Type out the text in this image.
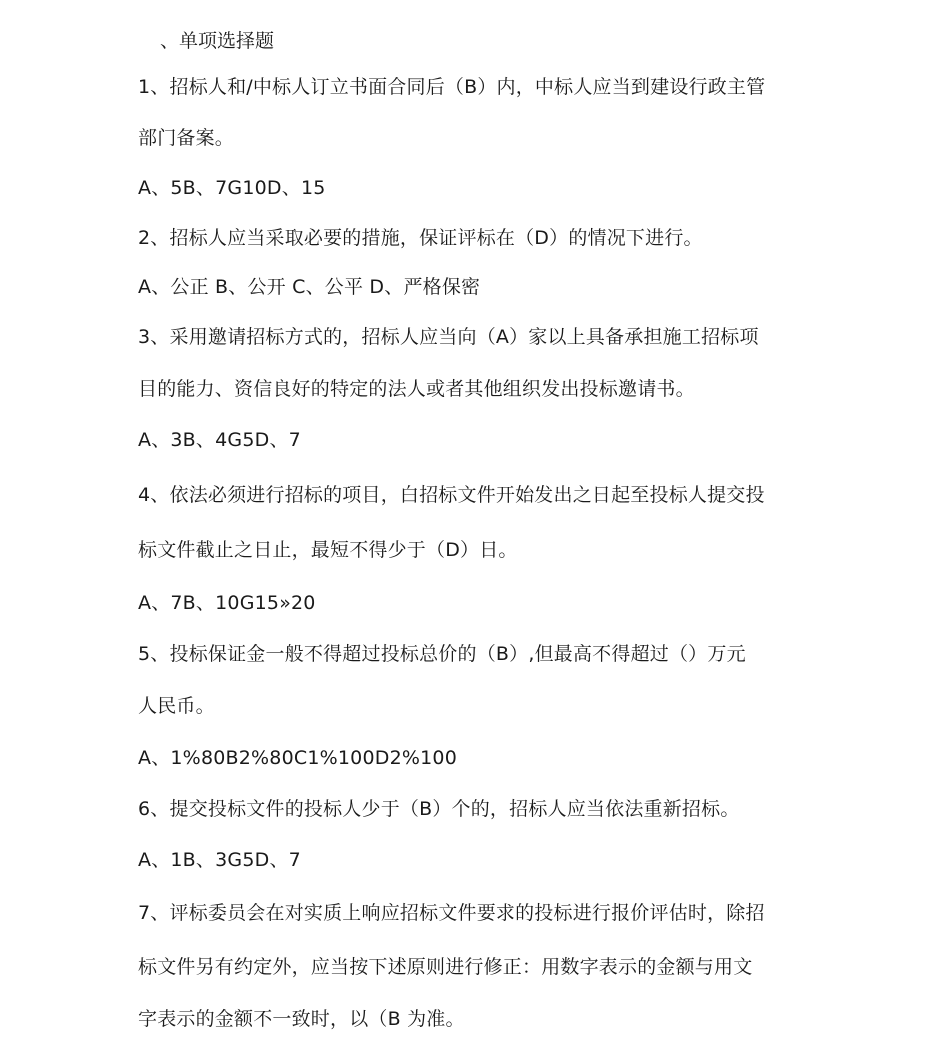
、单项选择题
1、招标人和/中标人订立书面合同后（B）内，中标人应当到建设行政主管
部门备案。
A、5B、7G10D、15
2、招标人应当采取必要的措施，保证评标在（D）的情况下进行。
A、公正 B、公开 C、公平 D、严格保密
3、采用邀请招标方式的，招标人应当向（A）家以上具备承担施工招标项
目的能力、资信良好的特定的法人或者其他组织发出投标邀请书。
A、3B、4G5D、7
4、依法必须进行招标的项目，白招标文件开始发出之日起至投标人提交投
标文件截止之日止，最短不得少于（D）日。
A、7B、10G15»20
5、投标保证金一般不得超过投标总价的（B）,但最高不得超过（）万元
人民币。
A、1%80B2%80C1%100D2%100
6、提交投标文件的投标人少于（B）个的，招标人应当依法重新招标。
A、1B、3G5D、7
7、评标委员会在对实质上响应招标文件要求的投标进行报价评估时，除招
标文件另有约定外，应当按下述原则进行修正：用数字表示的金额与用文
字表示的金额不一致时，以（B 为准。
